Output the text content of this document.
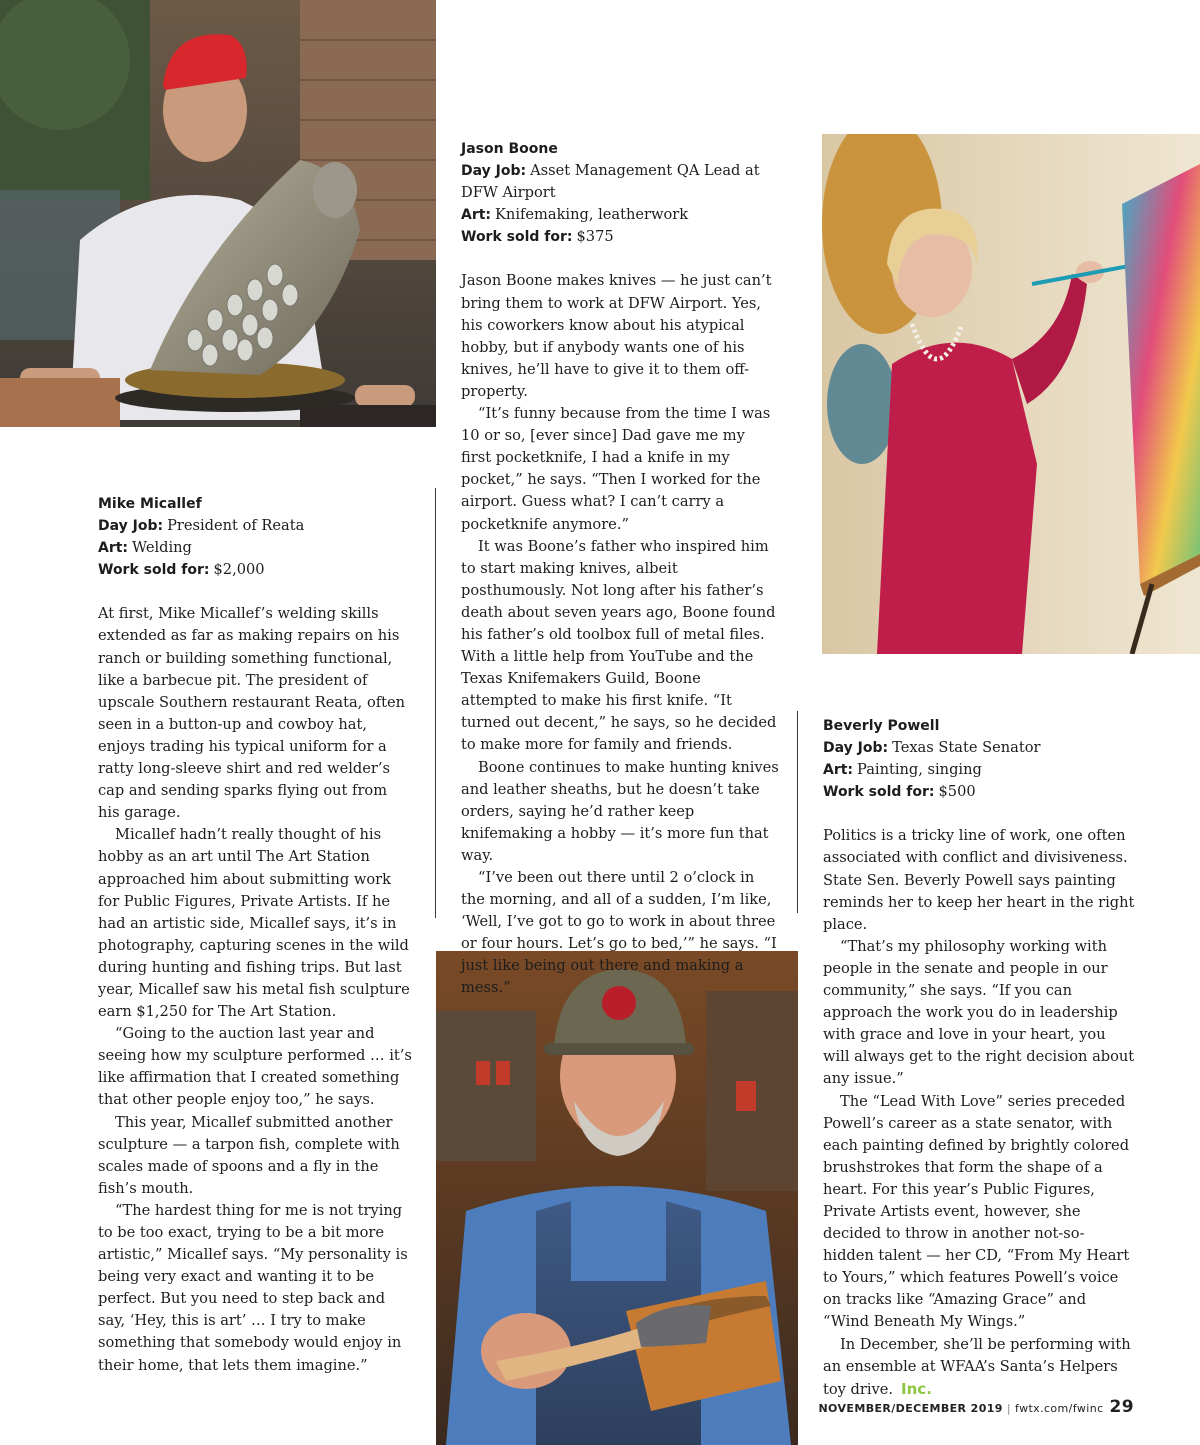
Mike Micallef
Day Job: President of Reata
Art: Welding
Work sold for: $2,000

At first, Mike Micallef’s welding skills extended as far as making repairs on his ranch or building something functional, like a barbecue pit. The president of upscale Southern restaurant Reata, often seen in a button-up and cowboy hat, enjoys trading his typical uniform for a ratty long-sleeve shirt and red welder’s cap and sending sparks flying out from his garage.

Micallef hadn’t really thought of his hobby as an art until The Art Station approached him about submitting work for Public Figures, Private Artists. If he had an artistic side, Micallef says, it’s in photography, capturing scenes in the wild during hunting and fishing trips. But last year, Micallef saw his metal fish sculpture earn $1,250 for The Art Station.

“Going to the auction last year and seeing how my sculpture performed … it’s like affirmation that I created something that other people enjoy too,” he says.

This year, Micallef submitted another sculpture — a tarpon fish, complete with scales made of spoons and a fly in the fish’s mouth.

“The hardest thing for me is not trying to be too exact, trying to be a bit more artistic,” Micallef says. “My personality is being very exact and wanting it to be perfect. But you need to step back and say, ‘Hey, this is art’ … I try to make something that somebody would enjoy in their home, that lets them imagine.”

Jason Boone
Day Job: Asset Management QA Lead at
DFW Airport
Art: Knifemaking, leatherwork
Work sold for: $375

Jason Boone makes knives — he just can’t bring them to work at DFW Airport. Yes, his coworkers know about his atypical hobby, but if anybody wants one of his knives, he’ll have to give it to them off-property.

“It’s funny because from the time I was 10 or so, [ever since] Dad gave me my first pocketknife, I had a knife in my pocket,” he says. “Then I worked for the airport. Guess what? I can’t carry a pocketknife anymore.”

It was Boone’s father who inspired him to start making knives, albeit posthumously. Not long after his father’s death about seven years ago, Boone found his father’s old toolbox full of metal files. With a little help from YouTube and the Texas Knifemakers Guild, Boone attempted to make his first knife. “It turned out decent,” he says, so he decided to make more for family and friends.

Boone continues to make hunting knives and leather sheaths, but he doesn’t take orders, saying he’d rather keep knifemaking a hobby — it’s more fun that way.

“I’ve been out there until 2 o’clock in the morning, and all of a sudden, I’m like, ‘Well, I’ve got to go to work in about three or four hours. Let’s go to bed,’” he says. “I just like being out there and making a mess.”

Beverly Powell
Day Job: Texas State Senator
Art: Painting, singing
Work sold for: $500

Politics is a tricky line of work, one often associated with conflict and divisiveness. State Sen. Beverly Powell says painting reminds her to keep her heart in the right place.

“That’s my philosophy working with people in the senate and people in our community,” she says. “If you can approach the work you do in leadership with grace and love in your heart, you will always get to the right decision about any issue.”

The “Lead With Love” series preceded Powell’s career as a state senator, with each painting defined by brightly colored brushstrokes that form the shape of a heart. For this year’s Public Figures, Private Artists event, however, she decided to throw in another not-so-hidden talent — her CD, “From My Heart to Yours,” which features Powell’s voice on tracks like “Amazing Grace” and “Wind Beneath My Wings.”

In December, she’ll be performing with an ensemble at WFAA’s Santa’s Helpers toy drive. Inc.

NOVEMBER/DECEMBER 2019 | fwtx.com/fwinc 29
